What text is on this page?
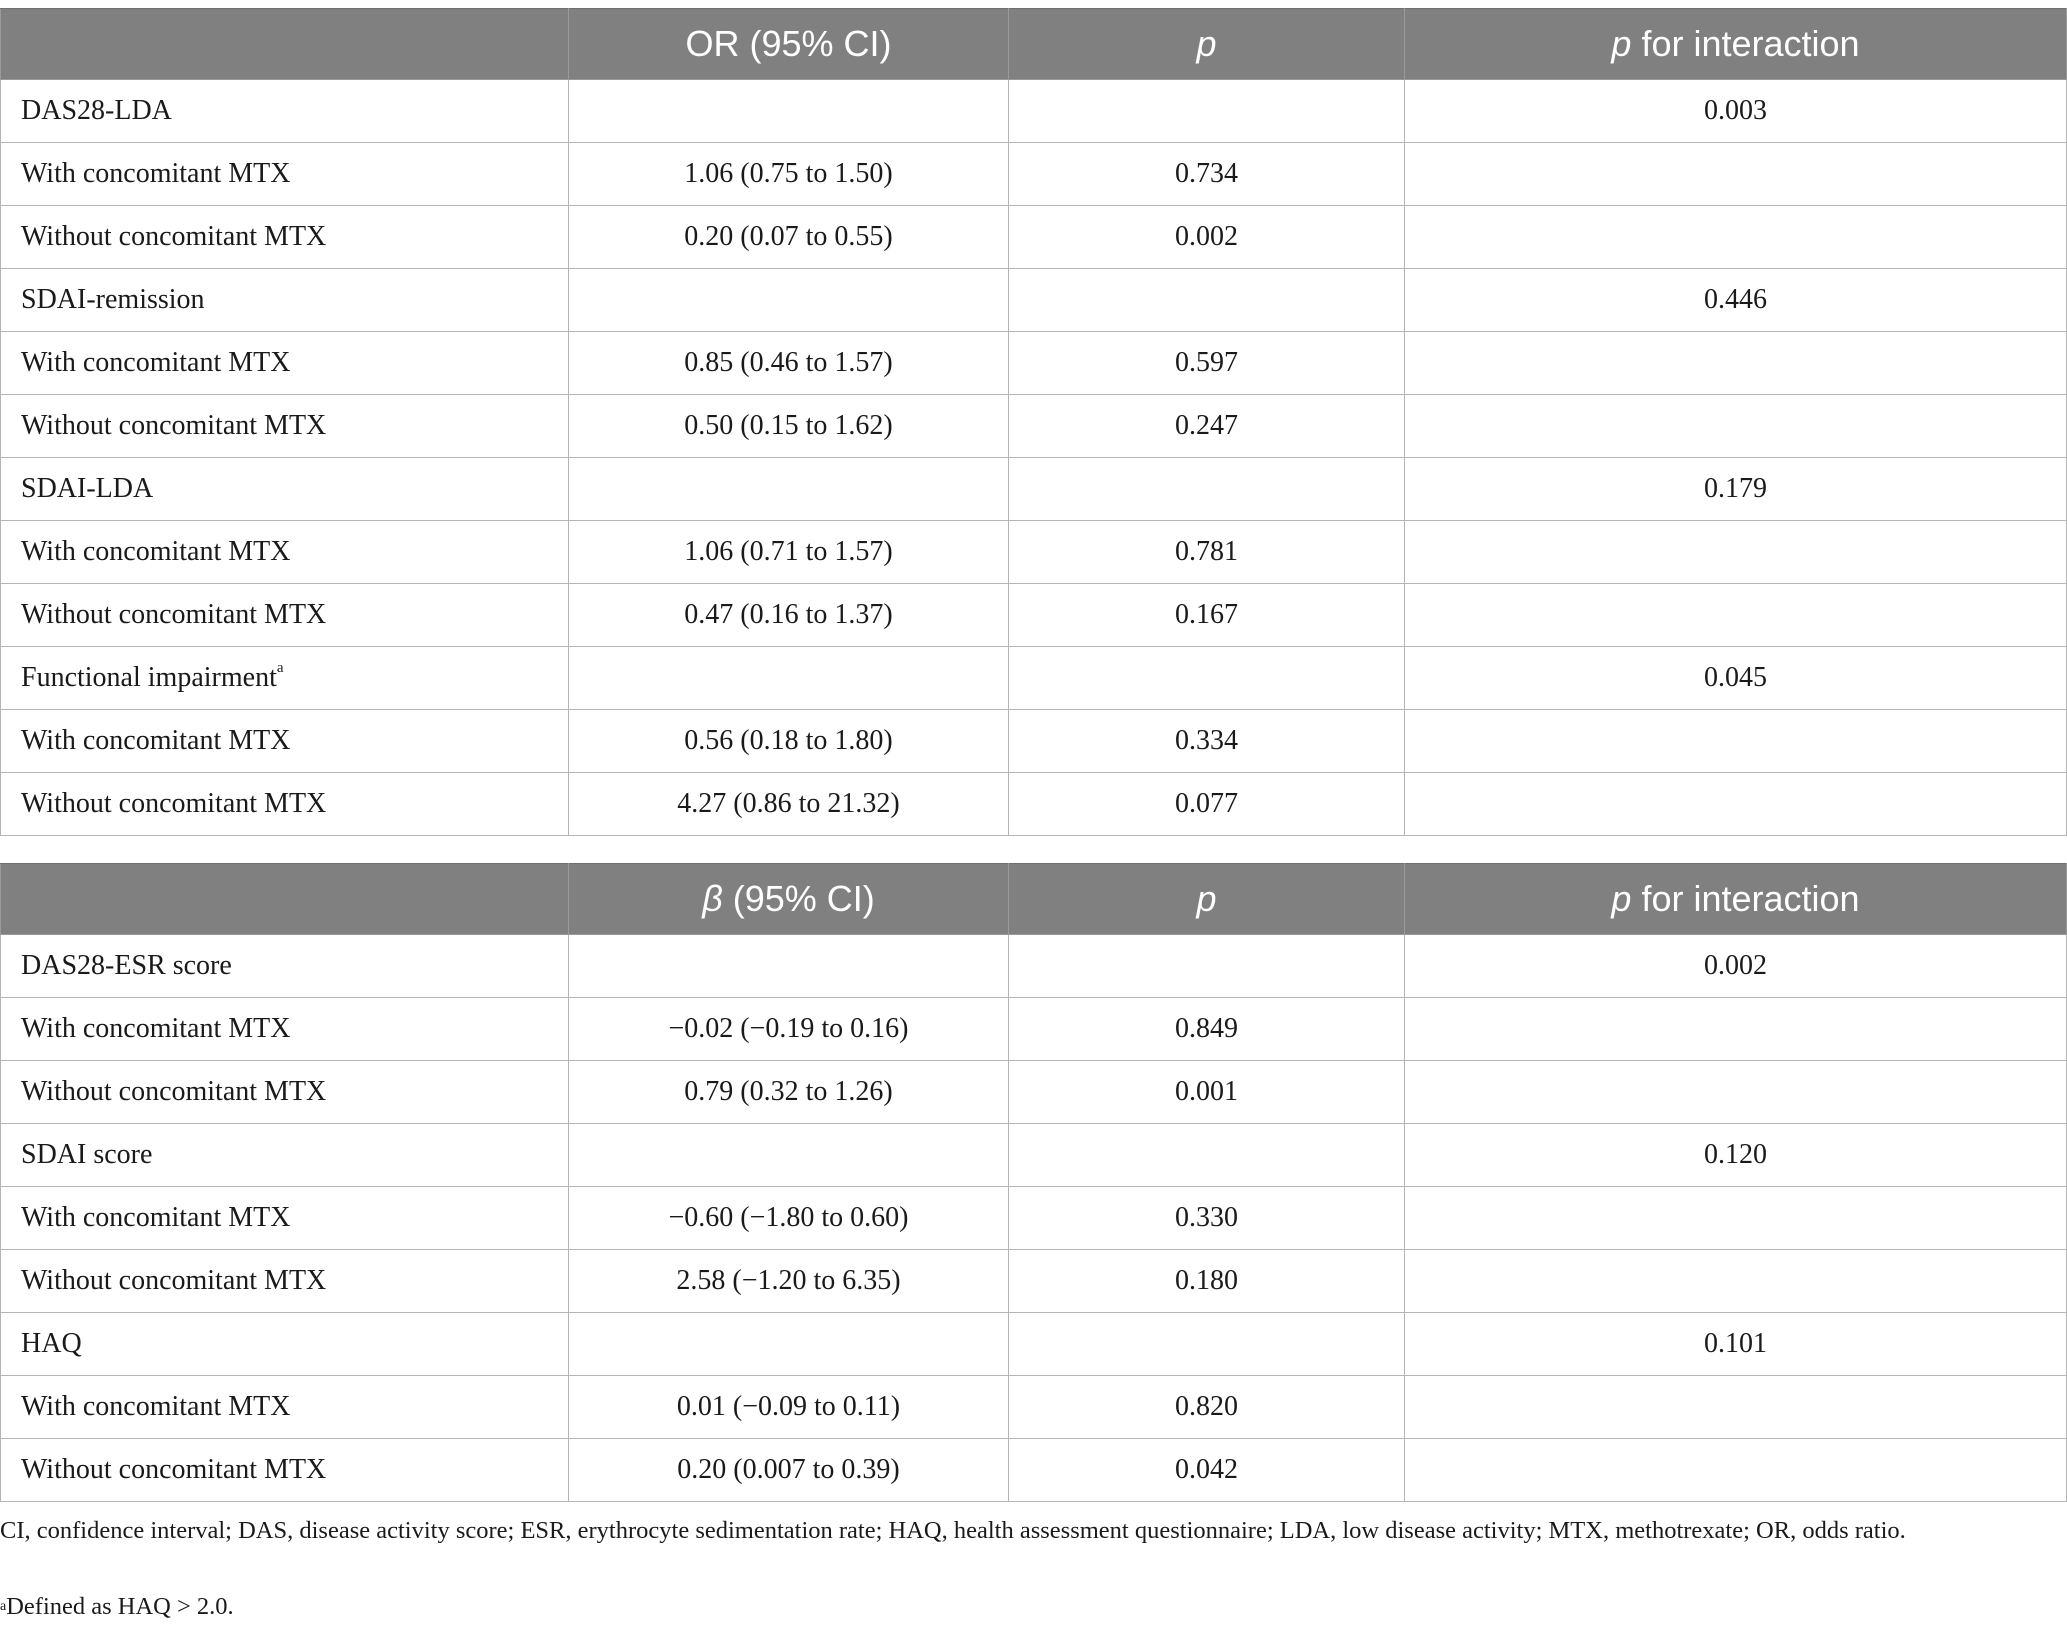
	OR (95% CI)	p	p for interaction
DAS28-LDA			0.003
With concomitant MTX	1.06 (0.75 to 1.50)	0.734	
Without concomitant MTX	0.20 (0.07 to 0.55)	0.002	
SDAI-remission			0.446
With concomitant MTX	0.85 (0.46 to 1.57)	0.597	
Without concomitant MTX	0.50 (0.15 to 1.62)	0.247	
SDAI-LDA			0.179
With concomitant MTX	1.06 (0.71 to 1.57)	0.781	
Without concomitant MTX	0.47 (0.16 to 1.37)	0.167	
Functional impairment$^a$			0.045
With concomitant MTX	0.56 (0.18 to 1.80)	0.334	
Without concomitant MTX	4.27 (0.86 to 21.32)	0.077	
	β (95% CI)	p	p for interaction
DAS28-ESR score			0.002
With concomitant MTX	−0.02 (−0.19 to 0.16)	0.849	
Without concomitant MTX	0.79 (0.32 to 1.26)	0.001	
SDAI score			0.120
With concomitant MTX	−0.60 (−1.80 to 0.60)	0.330	
Without concomitant MTX	2.58 (−1.20 to 6.35)	0.180	
HAQ			0.101
With concomitant MTX	0.01 (−0.09 to 0.11)	0.820	
Without concomitant MTX	0.20 (0.007 to 0.39)	0.042	
CI, confidence interval; DAS, disease activity score; ESR, erythrocyte sedimentation rate; HAQ, health assessment questionnaire; LDA, low disease activity; MTX, methotrexate; OR, odds ratio.
$^a$Defined as HAQ > 2.0.
